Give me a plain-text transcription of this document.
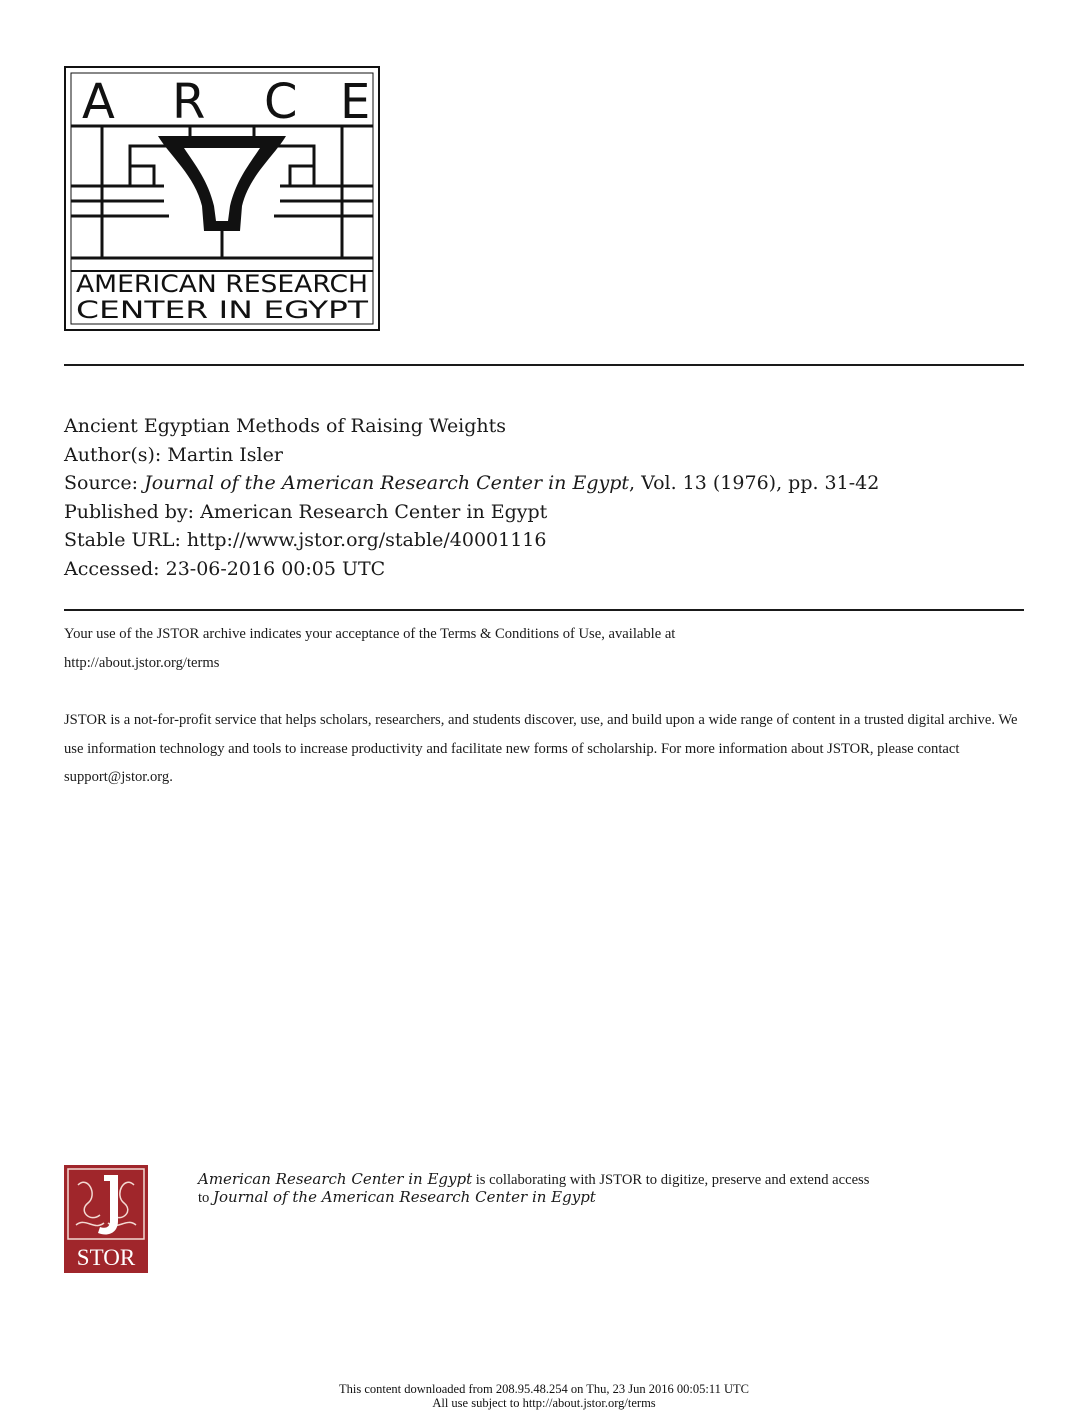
A R C E
AMERICAN RESEARCH
CENTER IN EGYPT
Ancient Egyptian Methods of Raising Weights
Author(s): Martin Isler
Source: Journal of the American Research Center in Egypt, Vol. 13 (1976), pp. 31-42
Published by: American Research Center in Egypt
Stable URL: http://www.jstor.org/stable/40001116
Accessed: 23-06-2016 00:05 UTC
Your use of the JSTOR archive indicates your acceptance of the Terms & Conditions of Use, available at
http://about.jstor.org/terms
JSTOR is a not-for-profit service that helps scholars, researchers, and students discover, use, and build upon a wide range of content in a trusted digital archive. We use information technology and tools to increase productivity and facilitate new forms of scholarship. For more information about JSTOR, please contact support@jstor.org.
STOR
American Research Center in Egypt is collaborating with JSTOR to digitize, preserve and extend access
to Journal of the American Research Center in Egypt
This content downloaded from 208.95.48.254 on Thu, 23 Jun 2016 00:05:11 UTC
All use subject to http://about.jstor.org/terms
